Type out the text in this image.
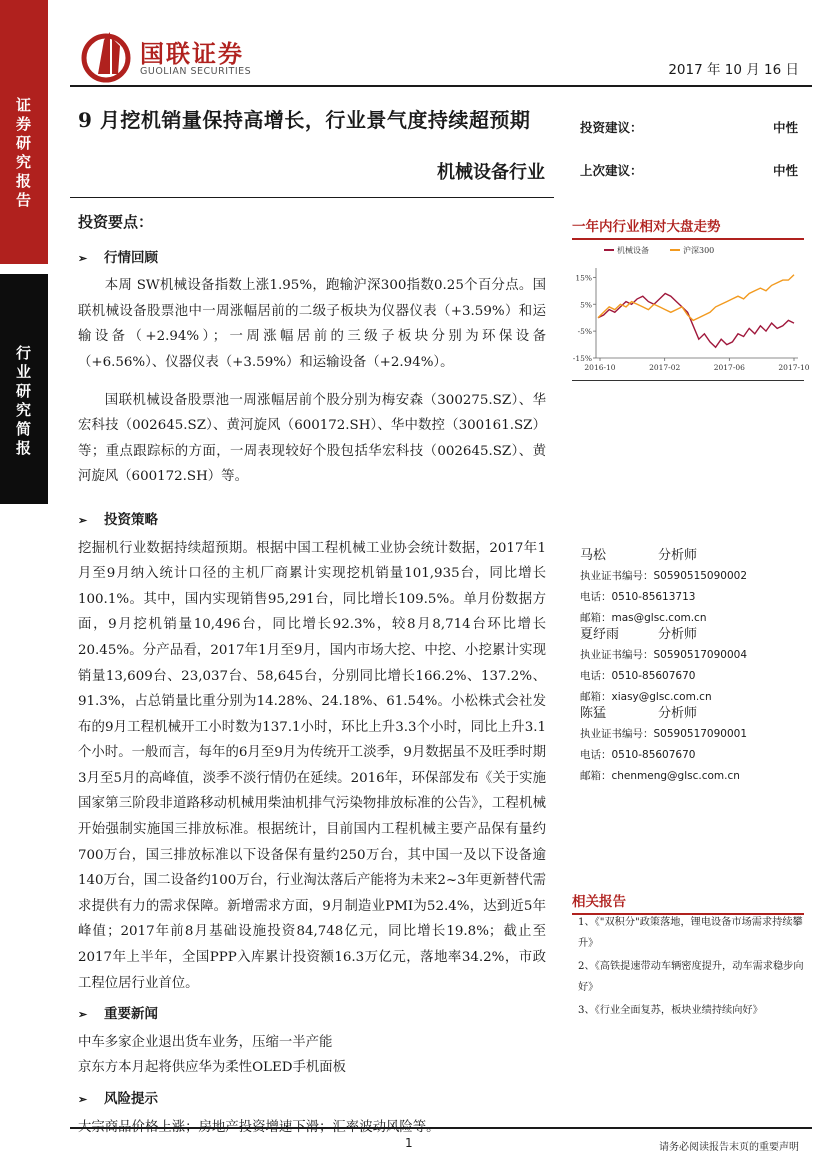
证
券
研
究
报
告
行
业
研
究
简
报
国联证券
GUOLIAN SECURITIES	2017 年 10 月 16 日
9 月挖机销量保持高增长，行业景气度持续超预期
机械设备行业
投资建议：	中性
上次建议：	中性
投资要点：
➢ 行情回顾

本周 SW机械设备指数上涨1.95%，跑输沪深300指数0.25个百分点。国联机械设备股票池中一周涨幅居前的二级子板块为仪器仪表（+3.59%）和运输设备（+2.94%）；一周涨幅居前的三级子板块分别为环保设备（+6.56%）、仪器仪表（+3.59%）和运输设备（+2.94%）。

国联机械设备股票池一周涨幅居前个股分别为梅安森（300275.SZ）、华宏科技（002645.SZ）、黄河旋风（600172.SH）、华中数控（300161.SZ）等；重点跟踪标的方面，一周表现较好个股包括华宏科技（002645.SZ）、黄河旋风（600172.SH）等。

➢ 投资策略

挖掘机行业数据持续超预期。根据中国工程机械工业协会统计数据，2017年1月至9月纳入统计口径的主机厂商累计实现挖机销量101,935台，同比增长100.1%。其中，国内实现销售95,291台，同比增长109.5%。单月份数据方面，9月挖机销量10,496台，同比增长92.3%，较8月8,714台环比增长20.45%。分产品看，2017年1月至9月，国内市场大挖、中挖、小挖累计实现销量13,609台、23,037台、58,645台，分别同比增长166.2%、137.2%、91.3%，占总销量比重分别为14.28%、24.18%、61.54%。小松株式会社发布的9月工程机械开工小时数为137.1小时，环比上升3.3个小时，同比上升3.1个小时。一般而言，每年的6月至9月为传统开工淡季，9月数据虽不及旺季时期3月至5月的高峰值，淡季不淡行情仍在延续。2016年，环保部发布《关于实施国家第三阶段非道路移动机械用柴油机排气污染物排放标准的公告》，工程机械开始强制实施国三排放标准。根据统计，目前国内工程机械主要产品保有量约700万台，国三排放标准以下设备保有量约250万台，其中国一及以下设备逾140万台，国二设备约100万台，行业淘汰落后产能将为未来2~3年更新替代需求提供有力的需求保障。新增需求方面，9月制造业PMI为52.4%，达到近5年峰值；2017年前8月基础设施投资84,748亿元，同比增长19.8%；截止至2017年上半年，全国PPP入库累计投资额16.3万亿元，落地率34.2%，市政工程位居行业首位。

➢ 重要新闻

中车多家企业退出货车业务，压缩一半产能

京东方本月起将供应华为柔性OLED手机面板

➢ 风险提示

一年内行业相对大盘走势
15%
5%
-5%
-15%
2016-10	2017-02	2017-06	2017-10
机械设备	沪深300
马松	分析师
执业证书编号：S0590515090002
电话：0510-85613713
邮箱：mas@glsc.com.cn
夏纾雨	分析师
执业证书编号：S0590517090004
电话：0510-85607670
邮箱：xiasy@glsc.com.cn
陈猛	分析师
执业证书编号：S0590517090001
电话：0510-85607670
邮箱：chenmeng@glsc.com.cn
相关报告
1、《"双积分"政策落地，锂电设备市场需求持续攀升》
2、《高铁提速带动车辆密度提升，动车需求稳步向好》
3、《行业全面复苏，板块业绩持续向好》
1	请务必阅读报告末页的重要声明
